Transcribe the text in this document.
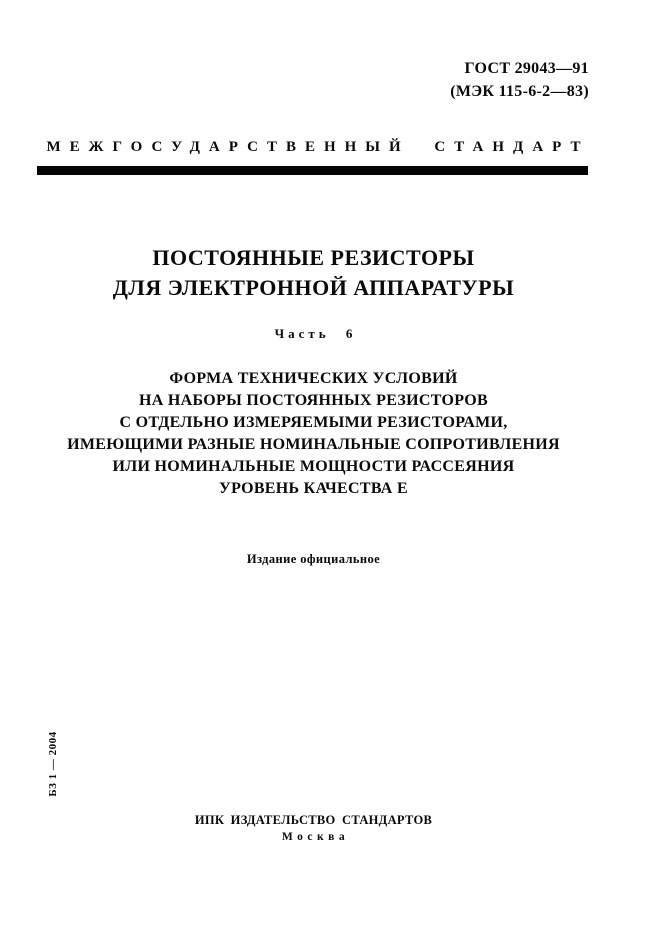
ГОСТ 29043—91
(МЭК 115-6-2—83)
МЕЖГОСУДАРСТВЕННЫЙ СТАНДАРТ
ПОСТОЯННЫЕ РЕЗИСТОРЫ
ДЛЯ ЭЛЕКТРОННОЙ АППАРАТУРЫ
Часть 6
ФОРМА ТЕХНИЧЕСКИХ УСЛОВИЙ
НА НАБОРЫ ПОСТОЯННЫХ РЕЗИСТОРОВ
С ОТДЕЛЬНО ИЗМЕРЯЕМЫМИ РЕЗИСТОРАМИ,
ИМЕЮЩИМИ РАЗНЫЕ НОМИНАЛЬНЫЕ СОПРОТИВЛЕНИЯ
ИЛИ НОМИНАЛЬНЫЕ МОЩНОСТИ РАССЕЯНИЯ
УРОВЕНЬ КАЧЕСТВА Е
Издание официальное
БЗ 1 — 2004
ИПК ИЗДАТЕЛЬСТВО СТАНДАРТОВ
Москва
